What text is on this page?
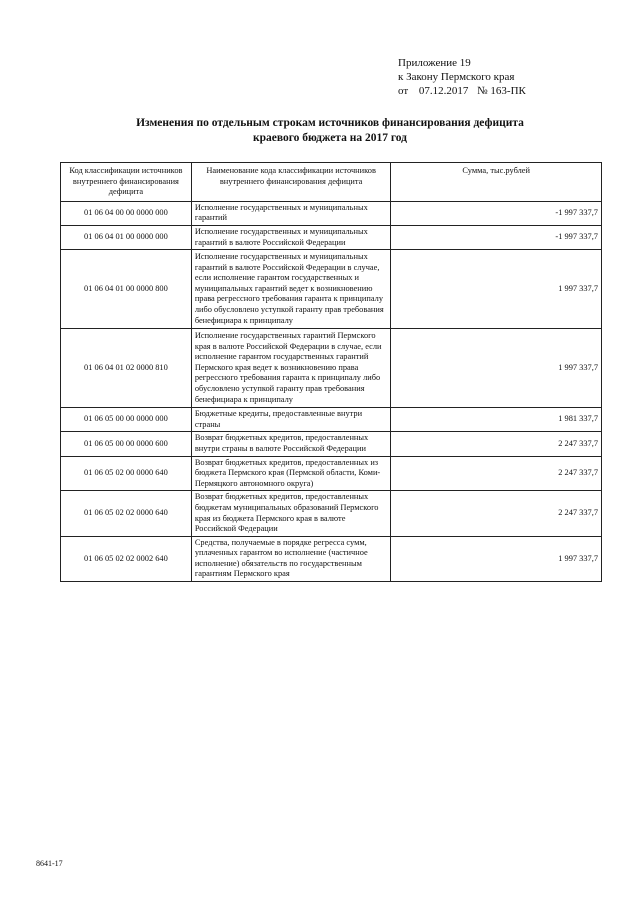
Приложение 19
к Закону Пермского края
от 07.12.2017 № 163-ПК
Изменения по отдельным строкам источников финансирования дефицита
краевого бюджета на 2017 год
Код классификации источников внутреннего финансирования дефицита	Наименование кода классификации источников внутреннего финансирования дефицита	Сумма, тыс.рублей
01 06 04 00 00 0000 000	Исполнение государственных и муниципальных гарантий	-1 997 337,7
01 06 04 01 00 0000 000	Исполнение государственных и муниципальных гарантий в валюте Российской Федерации	-1 997 337,7
01 06 04 01 00 0000 800	Исполнение государственных и муниципальных гарантий в валюте Российской Федерации в случае, если исполнение гарантом государственных и муниципальных гарантий ведет к возникновению права регрессного требования гаранта к принципалу либо обусловлено уступкой гаранту прав требования бенефициара к принципалу	1 997 337,7
01 06 04 01 02 0000 810	Исполнение государственных гарантий Пермского края в валюте Российской Федерации в случае, если исполнение гарантом государственных гарантий Пермского края ведет к возникновению права регрессного требования гаранта к принципалу либо обусловлено уступкой гаранту прав требования бенефициара к принципалу	1 997 337,7
01 06 05 00 00 0000 000	Бюджетные кредиты, предоставленные внутри страны	1 981 337,7
01 06 05 00 00 0000 600	Возврат бюджетных кредитов, предоставленных внутри страны в валюте Российской Федерации	2 247 337,7
01 06 05 02 00 0000 640	Возврат бюджетных кредитов, предоставленных из бюджета Пермского края (Пермской области, Коми-Пермяцкого автономного округа)	2 247 337,7
01 06 05 02 02 0000 640	Возврат бюджетных кредитов, предоставленных бюджетам муниципальных образований Пермского края из бюджета Пермского края в валюте Российской Федерации	2 247 337,7
01 06 05 02 02 0002 640	Средства, получаемые в порядке регресса сумм, уплаченных гарантом во исполнение (частичное исполнение) обязательств по государственным гарантиям Пермского края	1 997 337,7
8641-17
